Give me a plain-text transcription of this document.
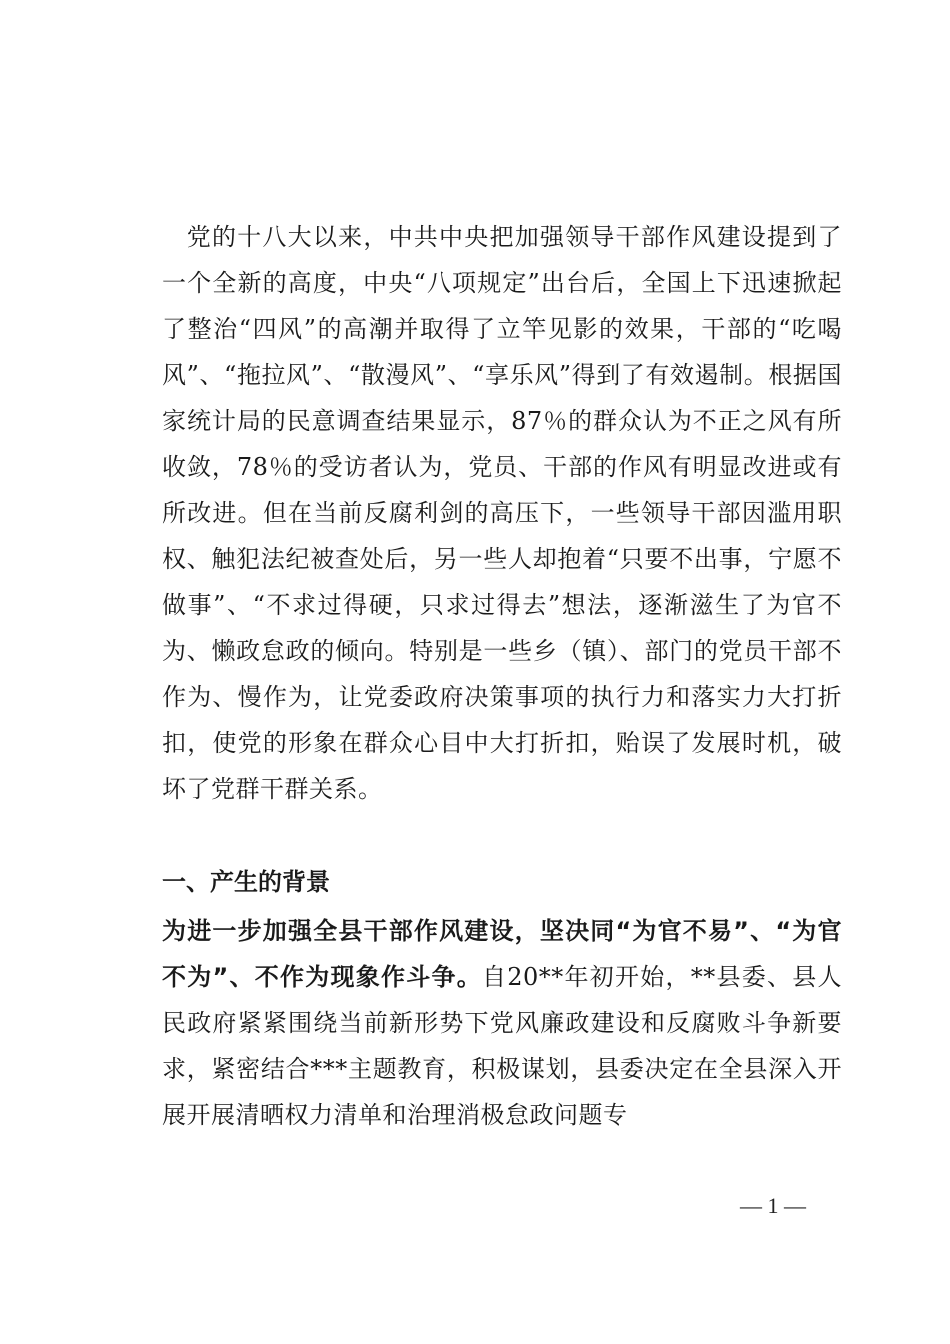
党的十八大以来，中共中央把加强领导干部作风建设提到了一个全新的高度，中央“八项规定”出台后，全国上下迅速掀起了整治“四风”的高潮并取得了立竿见影的效果，干部的“吃喝风”、“拖拉风”、“散漫风”、“享乐风”得到了有效遏制。根据国家统计局的民意调查结果显示，87％的群众认为不正之风有所收敛，78％的受访者认为，党员、干部的作风有明显改进或有所改进。但在当前反腐利剑的高压下，一些领导干部因滥用职权、触犯法纪被查处后，另一些人却抱着“只要不出事，宁愿不做事”、“不求过得硬，只求过得去”想法，逐渐滋生了为官不为、懒政怠政的倾向。特别是一些乡（镇）、部门的党员干部不作为、慢作为，让党委政府决策事项的执行力和落实力大打折扣，使党的形象在群众心目中大打折扣，贻误了发展时机，破坏了党群干群关系。

一、产生的背景

为进一步加强全县干部作风建设，坚决同“为官不易”、“为官不为”、不作为现象作斗争。自20**年初开始，**县委、县人民政府紧紧围绕当前新形势下党风廉政建设和反腐败斗争新要求，紧密结合***主题教育，积极谋划，县委决定在全县深入开展开展清晒权力清单和治理消极怠政问题专

— 1 —
